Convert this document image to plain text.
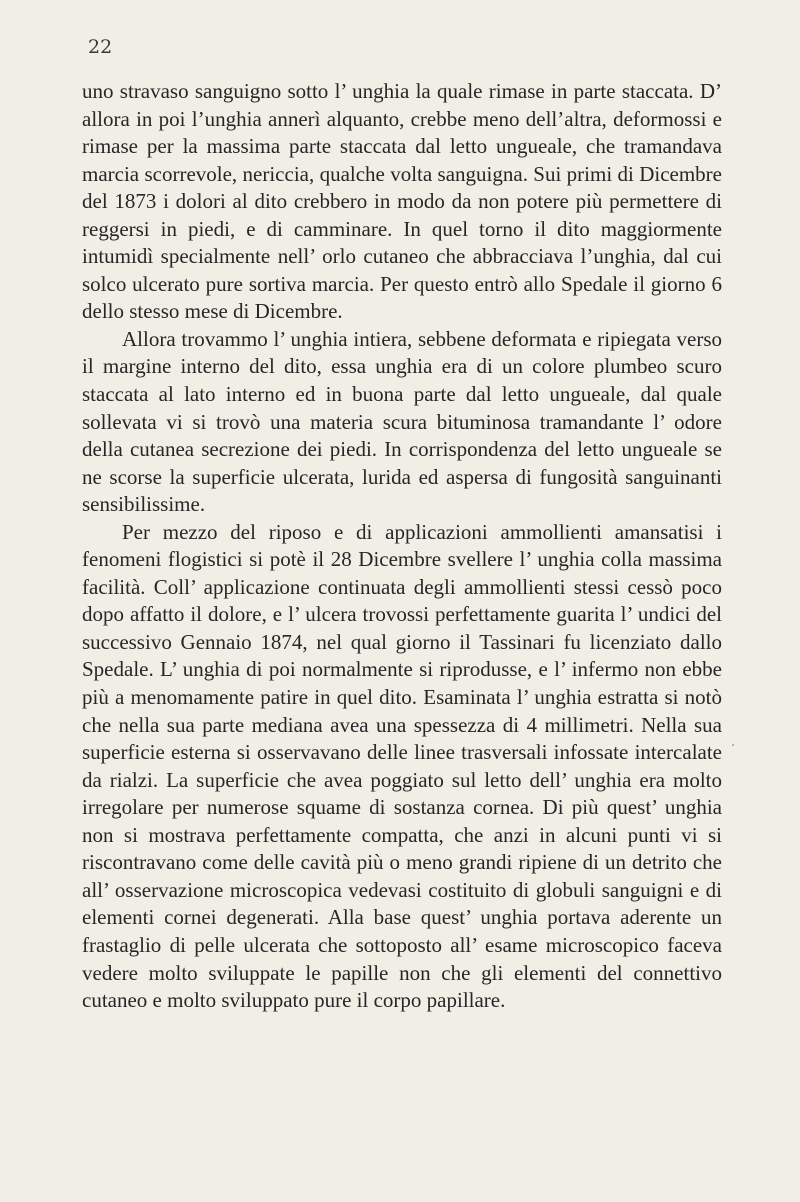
22

uno stravaso sanguigno sotto l’ unghia la quale rimase in parte staccata. D’ allora in poi l’unghia annerì alquanto, crebbe meno dell’altra, deformossi e rimase per la massima parte staccata dal letto ungueale, che tramandava marcia scorrevole, nericcia, qualche volta sanguigna. Sui primi di Dicembre del 1873 i dolori al dito crebbero in modo da non potere più permettere di reggersi in piedi, e di camminare. In quel torno il dito maggiormente intumidì specialmente nell’ orlo cutaneo che abbracciava l’unghia, dal cui solco ulcerato pure sortiva marcia. Per questo entrò allo Spedale il giorno 6 dello stesso mese di Dicembre.

Allora trovammo l’ unghia intiera, sebbene deformata e ripiegata verso il margine interno del dito, essa unghia era di un colore plumbeo scuro staccata al lato interno ed in buona parte dal letto ungueale, dal quale sollevata vi si trovò una materia scura bituminosa tramandante l’ odore della cutanea secrezione dei piedi. In corrispondenza del letto ungueale se ne scorse la superficie ulcerata, lurida ed aspersa di fungosità sanguinanti sensibilissime.

Per mezzo del riposo e di applicazioni ammollienti amansatisi i fenomeni flogistici si potè il 28 Dicembre svellere l’ unghia colla massima facilità. Coll’ applicazione continuata degli ammollienti stessi cessò poco dopo affatto il dolore, e l’ ulcera trovossi perfettamente guarita l’ undici del successivo Gennaio 1874, nel qual giorno il Tassinari fu licenziato dallo Spedale. L’ unghia di poi normalmente si riprodusse, e l’ infermo non ebbe più a menomamente patire in quel dito. Esaminata l’ unghia estratta si notò che nella sua parte mediana avea una spessezza di 4 millimetri. Nella sua superficie esterna si osservavano delle linee trasversali infossate intercalate da rialzi. La superficie che avea poggiato sul letto dell’ unghia era molto irregolare per numerose squame di sostanza cornea. Di più quest’ unghia non si mostrava perfettamente compatta, che anzi in alcuni punti vi si riscontravano come delle cavità più o meno grandi ripiene di un detrito che all’ osservazione microscopica vedevasi costituito di globuli sanguigni e di elementi cornei degenerati. Alla base quest’ unghia portava aderente un frastaglio di pelle ulcerata che sottoposto all’ esame microscopico faceva vedere molto sviluppate le papille non che gli elementi del connettivo cutaneo e molto sviluppato pure il corpo papillare.

´
